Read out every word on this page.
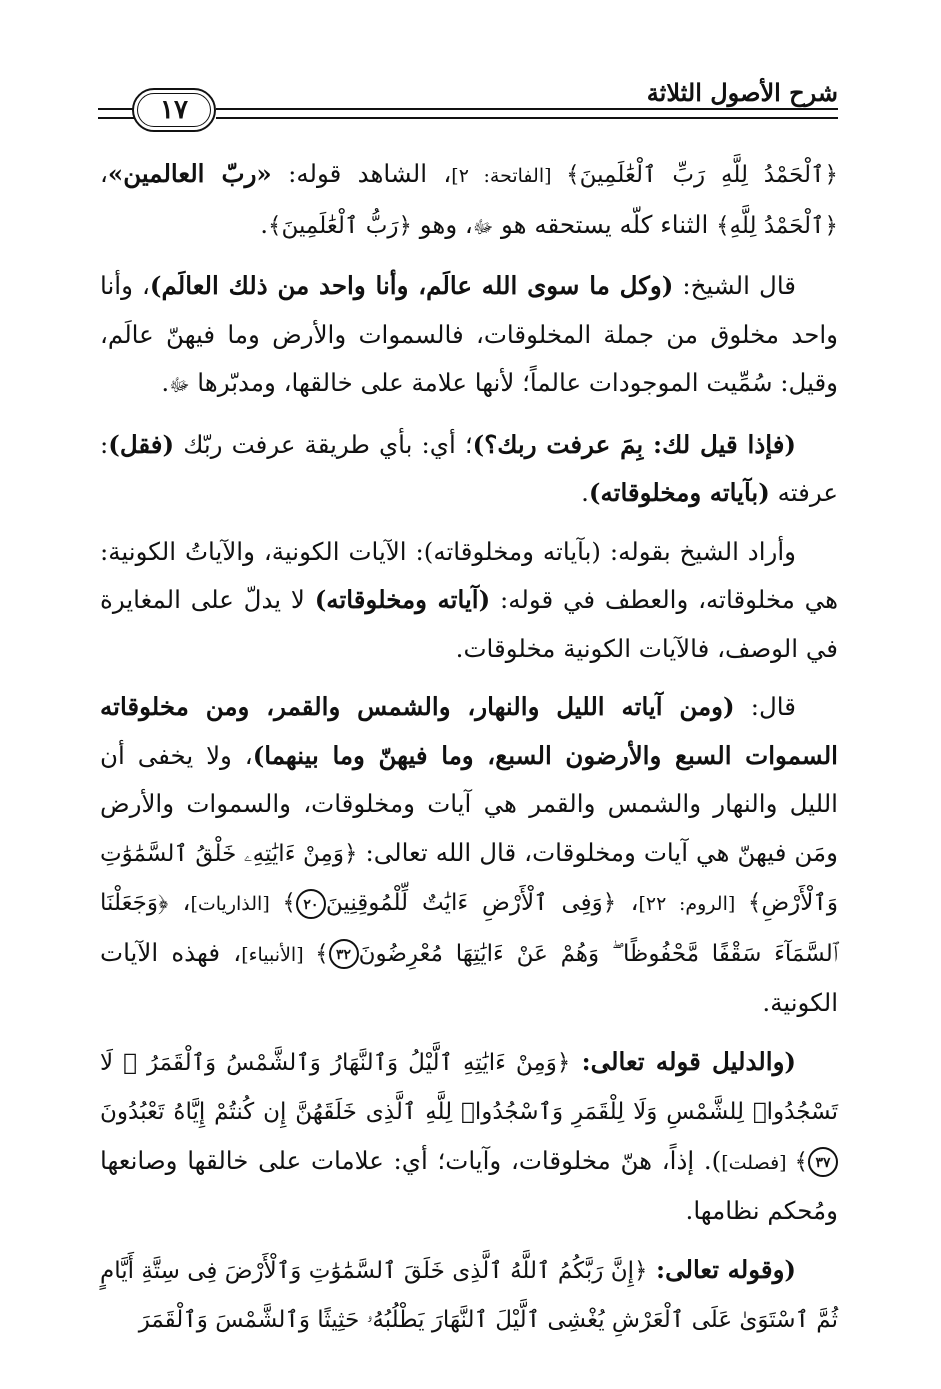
١٧
شرح الأصول الثلاثة

﴿ٱلْحَمْدُ لِلَّهِ رَبِّ ٱلْعَٰلَمِينَ﴾ [الفاتحة: ٢]، الشاهد قوله: «ربّ العالمين»، ﴿ٱلْحَمْدُ لِلَّهِ﴾ الثناء كلّه يستحقه هو ﷻ، وهو ﴿رَبُّ ٱلْعَٰلَمِينَ﴾.

قال الشيخ: (وكل ما سوى الله عالَم، وأنا واحد من ذلك العالَم)، وأنا واحد مخلوق من جملة المخلوقات، فالسموات والأرض وما فيهنّ عالَم، وقيل: سُمِّيت الموجودات عالماً؛ لأنها علامة على خالقها، ومدبّرها ﷻ.

(فإذا قيل لك: بِمَ عرفت ربك؟)؛ أي: بأي طريقة عرفت ربّك (فقل): عرفته (بآياته ومخلوقاته).

وأراد الشيخ بقوله: (بآياته ومخلوقاته): الآيات الكونية، والآياتُ الكونية: هي مخلوقاته، والعطف في قوله: (آياته ومخلوقاته) لا يدلّ على المغايرة في الوصف، فالآيات الكونية مخلوقات.

قال: (ومن آياته الليل والنهار، والشمس والقمر، ومن مخلوقاته السموات السبع والأرضون السبع، وما فيهنّ وما بينهما)، ولا يخفى أن الليل والنهار والشمس والقمر هي آيات ومخلوقات، والسموات والأرض ومَن فيهنّ هي آيات ومخلوقات، قال الله تعالى: ﴿وَمِنْ ءَايَٰتِهِۦ خَلْقُ ٱلسَّمَٰوَٰتِ وَٱلْأَرْضِ﴾ [الروم: ٢٢]، ﴿وَفِى ٱلْأَرْضِ ءَايَٰتٌ لِّلْمُوقِنِينَ٢٠﴾ [الذاريات]، ﴿وَجَعَلْنَا ٱلسَّمَآءَ سَقْفًا مَّحْفُوظًا ۖ وَهُمْ عَنْ ءَايَٰتِهَا مُعْرِضُونَ٣٢﴾ [الأنبياء]، فهذه الآيات الكونية.

(والدليل قوله تعالى: ﴿وَمِنْ ءَايَٰتِهِ ٱلَّيْلُ وَٱلنَّهَارُ وَٱلشَّمْسُ وَٱلْقَمَرُ ۚ لَا تَسْجُدُوا۟ لِلشَّمْسِ وَلَا لِلْقَمَرِ وَٱسْجُدُوا۟ لِلَّهِ ٱلَّذِى خَلَقَهُنَّ إِن كُنتُمْ إِيَّاهُ تَعْبُدُونَ٣٧﴾ [فصلت]). إذاً، هنّ مخلوقات، وآيات؛ أي: علامات على خالقها وصانعها ومُحكم نظامها.

(وقوله تعالى: ﴿إِنَّ رَبَّكُمُ ٱللَّهُ ٱلَّذِى خَلَقَ ٱلسَّمَٰوَٰتِ وَٱلْأَرْضَ فِى سِتَّةِ أَيَّامٍ ثُمَّ ٱسْتَوَىٰ عَلَى ٱلْعَرْشِ يُغْشِى ٱلَّيْلَ ٱلنَّهَارَ يَطْلُبُهُۥ حَثِيثًا وَٱلشَّمْسَ وَٱلْقَمَرَ
